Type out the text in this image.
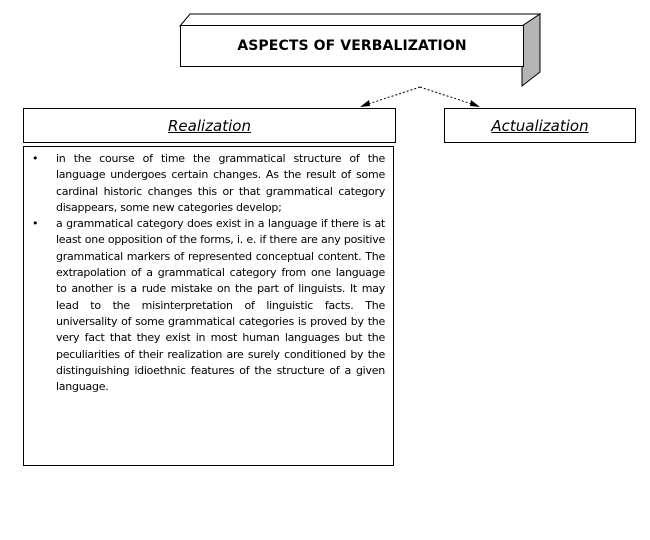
ASPECTS OF VERBALIZATION
Realization	Actualization
•	in the course of time the grammatical structure of the language undergoes certain changes. As the result of some cardinal historic changes this or that grammatical category disappears, some new categories develop;
•	a grammatical category does exist in a language if there is at least one opposition of the forms, i. e. if there are any positive grammatical markers of represented conceptual content. The extrapolation of a grammatical category from one language to another is a rude mistake on the part of linguists. It may lead to the misinterpretation of linguistic facts. The universality of some grammatical categories is proved by the very fact that they exist in most human languages but the peculiarities of their realization are surely conditioned by the distinguishing idioethnic features of the structure of a given language.
